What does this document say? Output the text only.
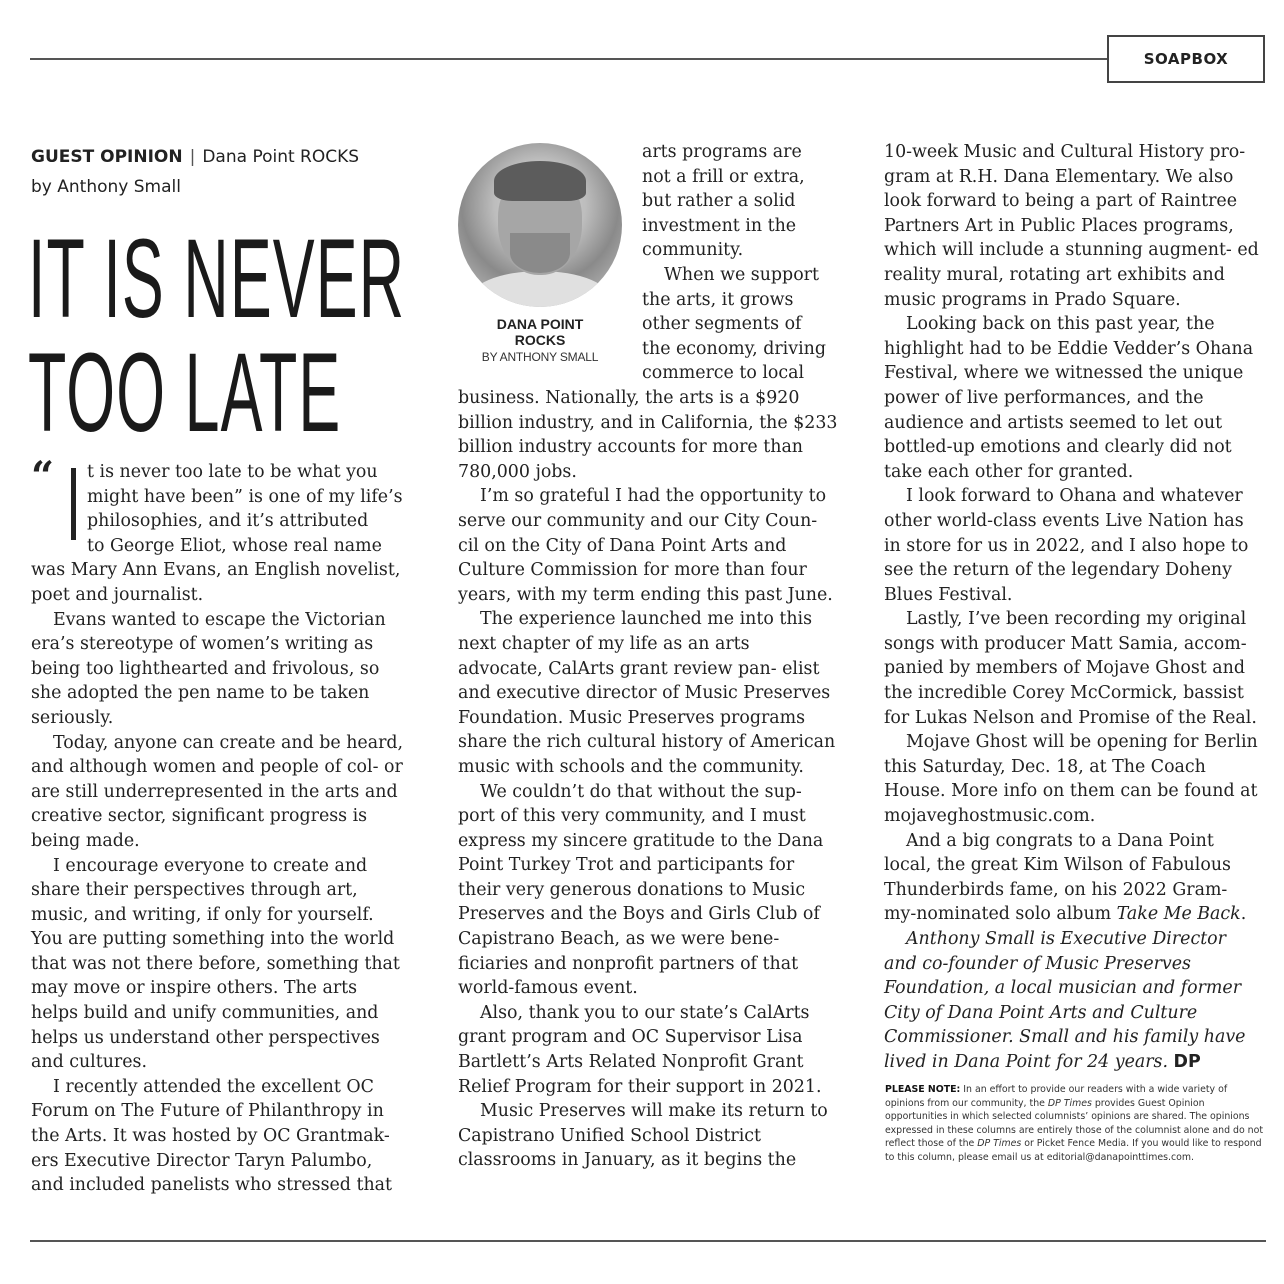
SOAPBOX
GUEST OPINION | Dana Point ROCKS
by Anthony Small
IT IS NEVER
TOO LATE
“ t is never too late to be what you
might have been” is one of my life’s
philosophies, and it’s attributed
to George Eliot, whose real name
was Mary Ann Evans, an English novelist, poet and journalist.

Evans wanted to escape the Victorian era’s stereotype of women’s writing as being too lighthearted and frivolous, so she adopted the pen name to be taken seriously.

Today, anyone can create and be heard, and although women and people of col- or are still underrepresented in the arts and creative sector, significant progress is being made.

I encourage everyone to create and share their perspectives through art, music, and writing, if only for yourself. You are putting something into the world that was not there before, something that may move or inspire others. The arts helps build and unify communities, and helps us understand other perspectives and cultures.

I recently attended the excellent OC Forum on The Future of Philanthropy in the Arts. It was hosted by OC Grantmak- ers Executive Director Taryn Palumbo, and included panelists who stressed that

DANA POINT
ROCKS
BY ANTHONY SMALL
arts programs are
not a frill or extra,
but rather a solid
investment in the
community.
When we support
the arts, it grows
other segments of
the economy, driving
commerce to local

business. Nationally, the arts is a $920 billion industry, and in California, the $233 billion industry accounts for more than 780,000 jobs.

I’m so grateful I had the opportunity to serve our community and our City Coun- cil on the City of Dana Point Arts and Culture Commission for more than four years, with my term ending this past June.

The experience launched me into this next chapter of my life as an arts advocate, CalArts grant review pan- elist and executive director of Music Preserves Foundation. Music Preserves programs share the rich cultural history of American music with schools and the community.

We couldn’t do that without the sup- port of this very community, and I must express my sincere gratitude to the Dana Point Turkey Trot and participants for their very generous donations to Music Preserves and the Boys and Girls Club of Capistrano Beach, as we were bene- ficiaries and nonprofit partners of that world-famous event.

Also, thank you to our state’s CalArts grant program and OC Supervisor Lisa Bartlett’s Arts Related Nonprofit Grant Relief Program for their support in 2021.

Music Preserves will make its return to Capistrano Unified School District classrooms in January, as it begins the

10-week Music and Cultural History pro- gram at R.H. Dana Elementary. We also look forward to being a part of Raintree Partners Art in Public Places programs, which will include a stunning augment- ed reality mural, rotating art exhibits and music programs in Prado Square.

Looking back on this past year, the highlight had to be Eddie Vedder’s Ohana Festival, where we witnessed the unique power of live performances, and the audience and artists seemed to let out bottled-up emotions and clearly did not take each other for granted.

I look forward to Ohana and whatever other world-class events Live Nation has in store for us in 2022, and I also hope to see the return of the legendary Doheny Blues Festival.

Lastly, I’ve been recording my original songs with producer Matt Samia, accom- panied by members of Mojave Ghost and the incredible Corey McCormick, bassist for Lukas Nelson and Promise of the Real.

Mojave Ghost will be opening for Berlin this Saturday, Dec. 18, at The Coach House. More info on them can be found at mojaveghostmusic.com.

And a big congrats to a Dana Point local, the great Kim Wilson of Fabulous Thunderbirds fame, on his 2022 Gram- my-nominated solo album Take Me Back.

Anthony Small is Executive Director and co-founder of Music Preserves Foundation, a local musician and former City of Dana Point Arts and Culture Commissioner. Small and his family have lived in Dana Point for 24 years. DP

PLEASE NOTE: In an effort to provide our readers with a wide variety of opinions from our community, the DP Times provides Guest Opinion opportunities in which selected columnists’ opinions are shared. The opinions expressed in these columns are entirely those of the columnist alone and do not reflect those of the DP Times or Picket Fence Media. If you would like to respond to this column, please email us at editorial@danapointtimes.com.
